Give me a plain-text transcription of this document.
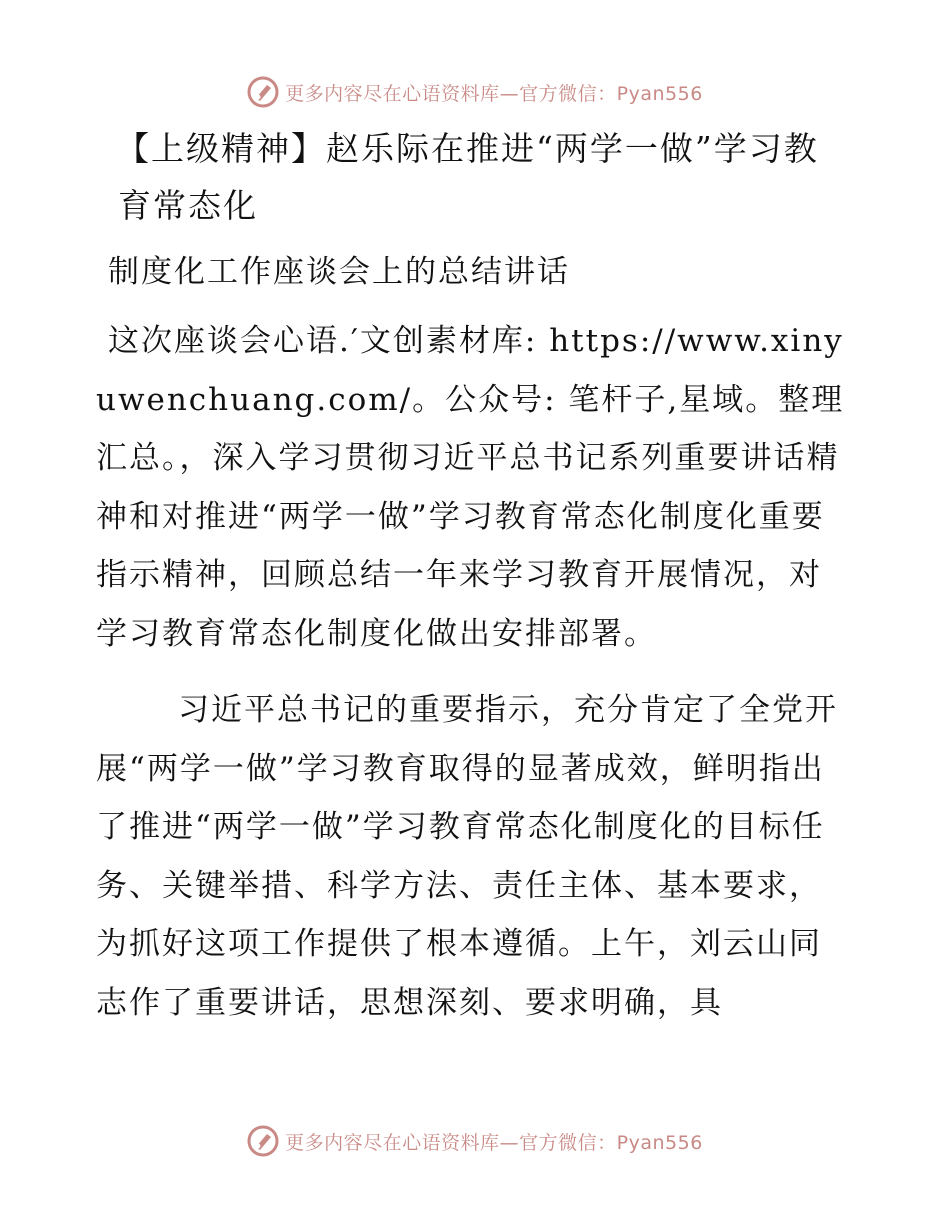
更多内容尽在心语资料库—官方微信：Pyan556

【上级精神】赵乐际在推进“两学一做”学习教育常态化

制度化工作座谈会上的总结讲话

这次座谈会心语.′文创素材库: https://www.xinyuwenchuang.com/。公众号: 笔杆子,星域。整理汇总。，深入学习贯彻习近平总书记系列重要讲话精神和对推进“两学一做”学习教育常态化制度化重要指示精神，回顾总结一年来学习教育开展情况，对学习教育常态化制度化做出安排部署。

习近平总书记的重要指示，充分肯定了全党开展“两学一做”学习教育取得的显著成效，鲜明指出了推进“两学一做”学习教育常态化制度化的目标任务、关键举措、科学方法、责任主体、基本要求，为抓好这项工作提供了根本遵循。上午，刘云山同志作了重要讲话，思想深刻、要求明确，具

更多内容尽在心语资料库—官方微信：Pyan556
